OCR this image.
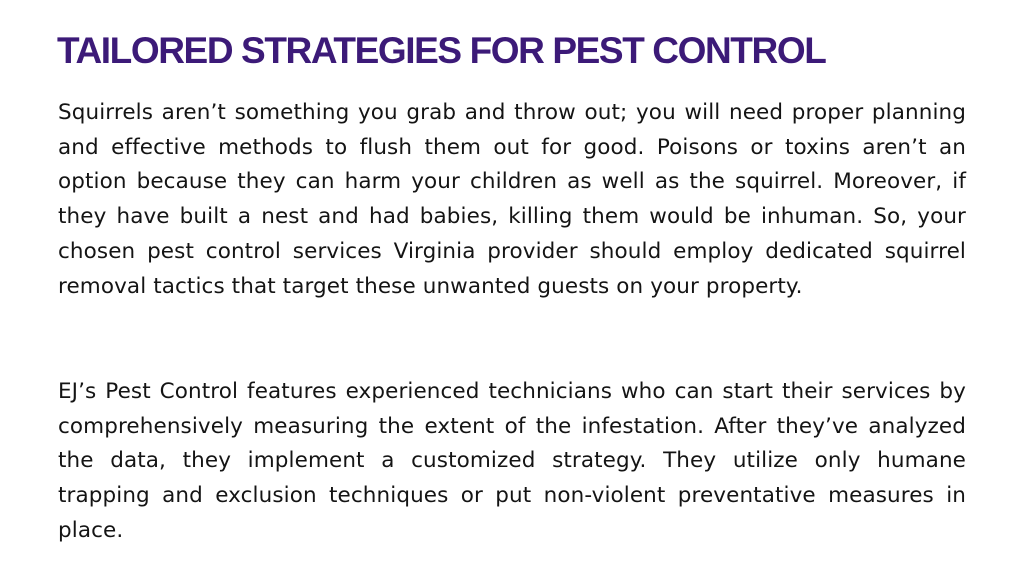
TAILORED STRATEGIES FOR PEST CONTROL

Squirrels aren’t something you grab and throw out; you will need proper planning and effective methods to flush them out for good. Poisons or toxins aren’t an option because they can harm your children as well as the squirrel. Moreover, if they have built a nest and had babies, killing them would be inhuman. So, your chosen pest control services Virginia provider should employ dedicated squirrel removal tactics that target these unwanted guests on your property.

EJ’s Pest Control features experienced technicians who can start their services by comprehensively measuring the extent of the infestation. After they’ve analyzed the data, they implement a customized strategy. They utilize only humane trapping and exclusion techniques or put non-violent preventative measures in place.
